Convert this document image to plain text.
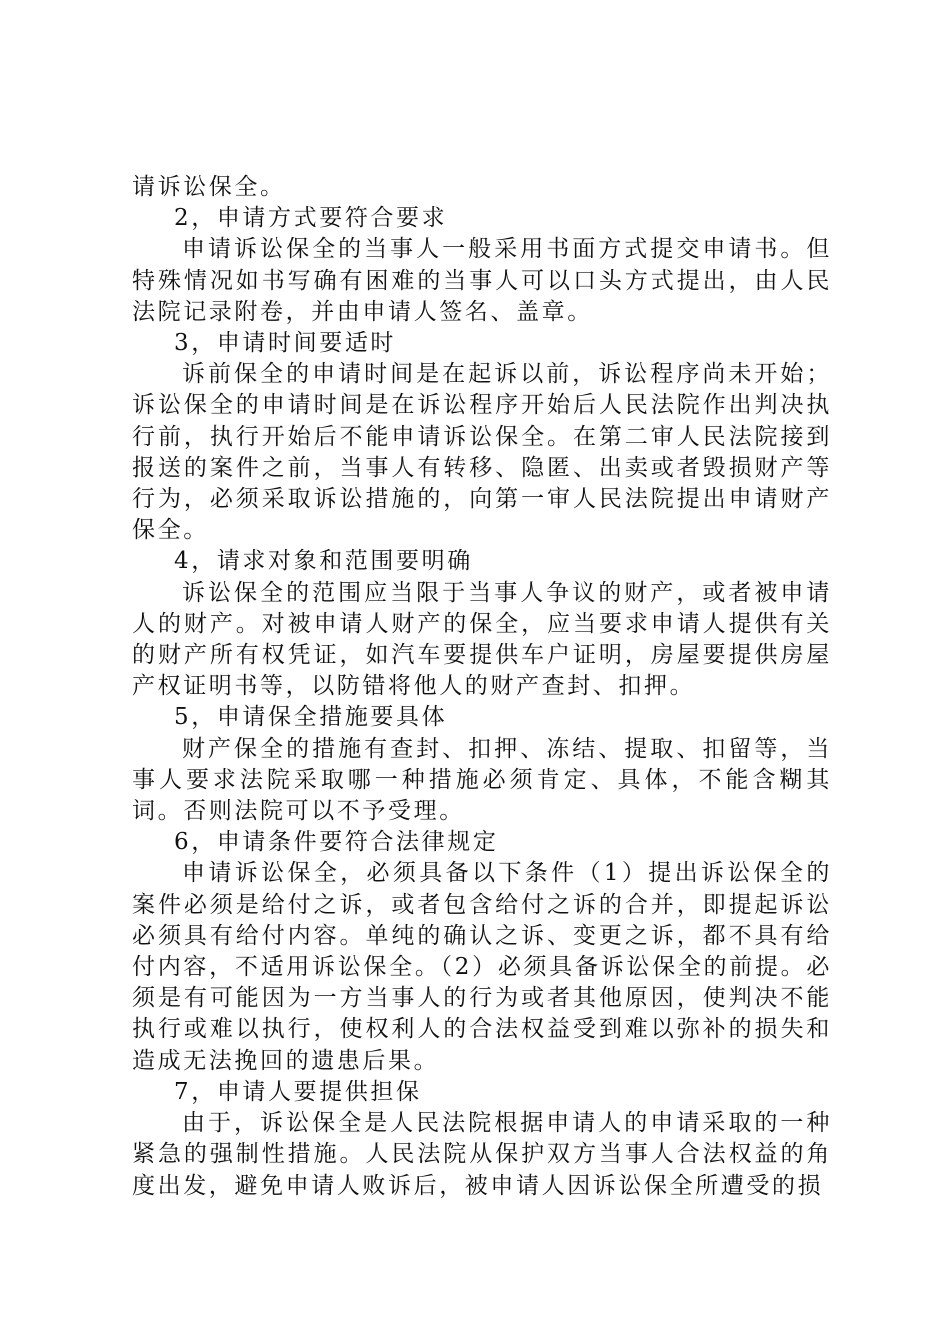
请诉讼保全。

2，申请方式要符合要求

申请诉讼保全的当事人一般采用书面方式提交申请书。但特殊情况如书写确有困难的当事人可以口头方式提出，由人民法院记录附卷，并由申请人签名、盖章。

3，申请时间要适时

诉前保全的申请时间是在起诉以前，诉讼程序尚未开始；诉讼保全的申请时间是在诉讼程序开始后人民法院作出判决执行前，执行开始后不能申请诉讼保全。在第二审人民法院接到报送的案件之前，当事人有转移、隐匿、出卖或者毁损财产等行为，必须采取诉讼措施的，向第一审人民法院提出申请财产保全。

4，请求对象和范围要明确

诉讼保全的范围应当限于当事人争议的财产，或者被申请人的财产。对被申请人财产的保全，应当要求申请人提供有关的财产所有权凭证，如汽车要提供车户证明，房屋要提供房屋产权证明书等，以防错将他人的财产查封、扣押。

5，申请保全措施要具体

财产保全的措施有查封、扣押、冻结、提取、扣留等，当事人要求法院采取哪一种措施必须肯定、具体，不能含糊其词。否则法院可以不予受理。

6，申请条件要符合法律规定

申请诉讼保全，必须具备以下条件（1）提出诉讼保全的案件必须是给付之诉，或者包含给付之诉的合并，即提起诉讼必须具有给付内容。单纯的确认之诉、变更之诉，都不具有给付内容，不适用诉讼保全。（2）必须具备诉讼保全的前提。必须是有可能因为一方当事人的行为或者其他原因，使判决不能执行或难以执行，使权利人的合法权益受到难以弥补的损失和造成无法挽回的遗患后果。

7，申请人要提供担保

由于，诉讼保全是人民法院根据申请人的申请采取的一种紧急的强制性措施。人民法院从保护双方当事人合法权益的角度出发，避免申请人败诉后，被申请人因诉讼保全所遭受的损
